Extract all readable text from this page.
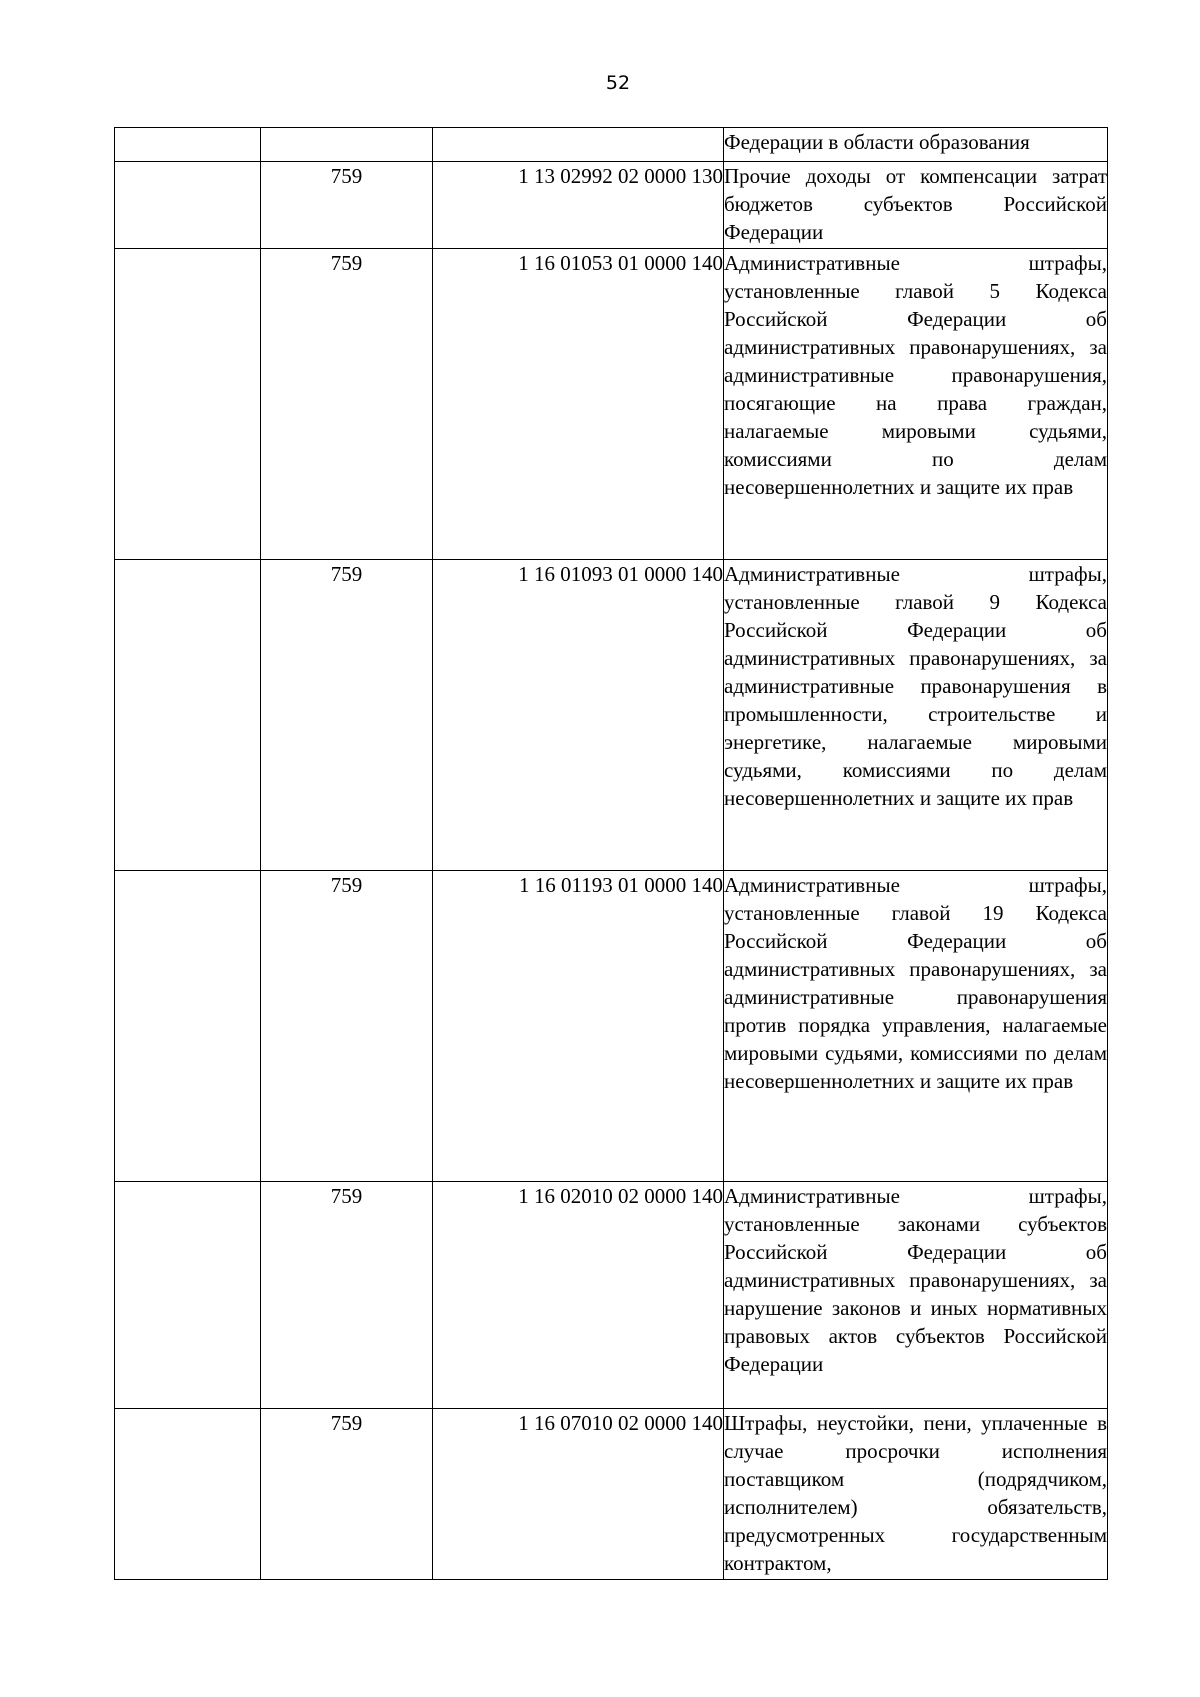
52
			Федерации в области образования
	759	1 13 02992 02 0000 130	Прочие доходы от компенсации затрат бюджетов субъектов Российской Федерации
	759	1 16 01053 01 0000 140	Административные штрафы, установленные главой 5 Кодекса Российской Федерации об административных правонарушениях, за административные правонарушения, посягающие на права граждан, налагаемые мировыми судьями, комиссиями по делам несовершеннолетних и защите их прав
	759	1 16 01093 01 0000 140	Административные штрафы, установленные главой 9 Кодекса Российской Федерации об административных правонарушениях, за административные правонарушения в промышленности, строительстве и энергетике, налагаемые мировыми судьями, комиссиями по делам несовершеннолетних и защите их прав
	759	1 16 01193 01 0000 140	Административные штрафы, установленные главой 19 Кодекса Российской Федерации об административных правонарушениях, за административные правонарушения против порядка управления, налагаемые мировыми судьями, комиссиями по делам несовершеннолетних и защите их прав
	759	1 16 02010 02 0000 140	Административные штрафы, установленные законами субъектов Российской Федерации об административных правонарушениях, за нарушение законов и иных нормативных правовых актов субъектов Российской Федерации
	759	1 16 07010 02 0000 140	Штрафы, неустойки, пени, уплаченные в случае просрочки исполнения поставщиком (подрядчиком, исполнителем) обязательств, предусмотренных государственным контрактом,
